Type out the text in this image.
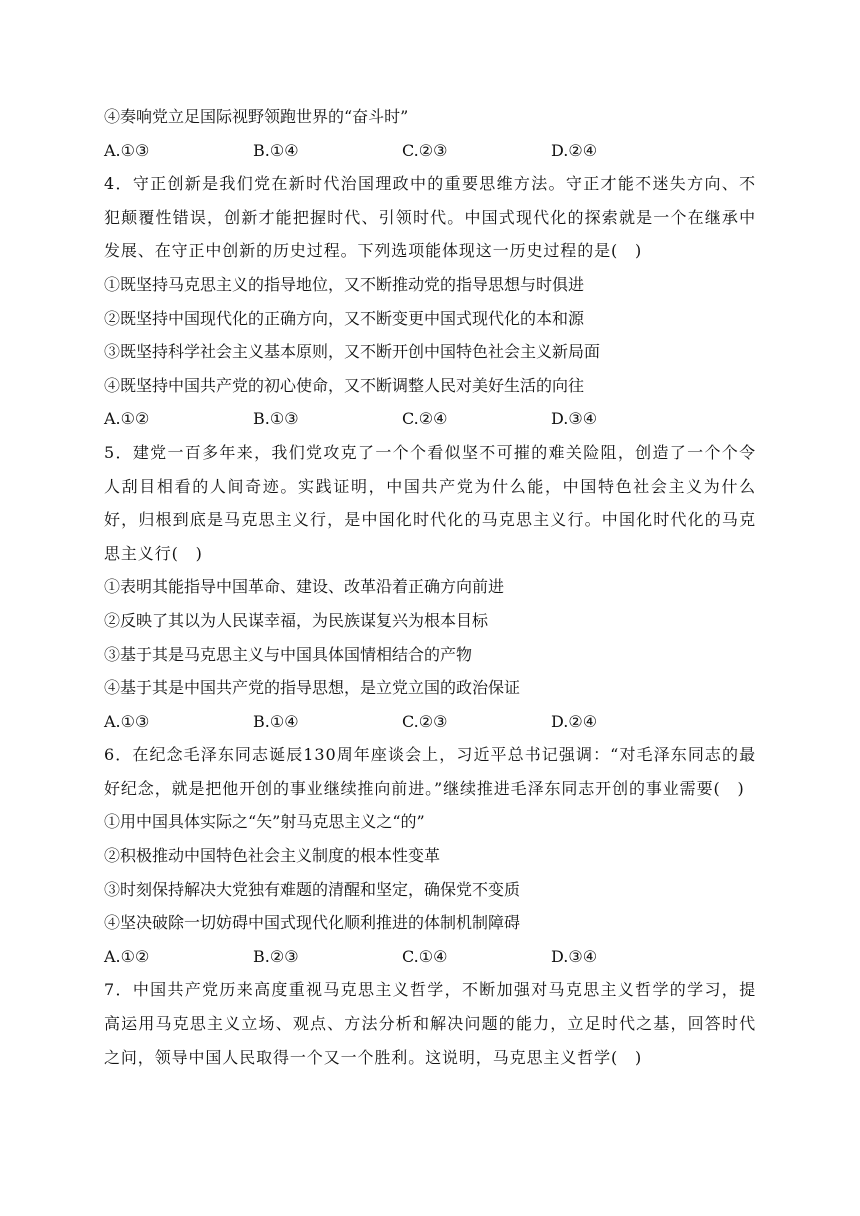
④奏响党立足国际视野领跑世界的“奋斗时”
A.①③	B.①④	C.②③	D.②④
4．守正创新是我们党在新时代治国理政中的重要思维方法。守正才能不迷失方向、不犯颠覆性错误，创新才能把握时代、引领时代。中国式现代化的探索就是一个在继承中发展、在守正中创新的历史过程。下列选项能体现这一历史过程的是(　)
①既坚持马克思主义的指导地位，又不断推动党的指导思想与时俱进
②既坚持中国现代化的正确方向，又不断变更中国式现代化的本和源
③既坚持科学社会主义基本原则，又不断开创中国特色社会主义新局面
④既坚持中国共产党的初心使命，又不断调整人民对美好生活的向往
A.①②	B.①③	C.②④	D.③④
5．建党一百多年来，我们党攻克了一个个看似坚不可摧的难关险阻，创造了一个个令人刮目相看的人间奇迹。实践证明，中国共产党为什么能，中国特色社会主义为什么好，归根到底是马克思主义行，是中国化时代化的马克思主义行。中国化时代化的马克思主义行(　)
①表明其能指导中国革命、建设、改革沿着正确方向前进
②反映了其以为人民谋幸福，为民族谋复兴为根本目标
③基于其是马克思主义与中国具体国情相结合的产物
④基于其是中国共产党的指导思想，是立党立国的政治保证
A.①③	B.①④	C.②③	D.②④
6．在纪念毛泽东同志诞辰130周年座谈会上，习近平总书记强调：“对毛泽东同志的最好纪念，就是把他开创的事业继续推向前进。”继续推进毛泽东同志开创的事业需要(　)
①用中国具体实际之“矢”射马克思主义之“的”
②积极推动中国特色社会主义制度的根本性变革
③时刻保持解决大党独有难题的清醒和坚定，确保党不变质
④坚决破除一切妨碍中国式现代化顺利推进的体制机制障碍
A.①②	B.②③	C.①④	D.③④
7．中国共产党历来高度重视马克思主义哲学，不断加强对马克思主义哲学的学习，提高运用马克思主义立场、观点、方法分析和解决问题的能力，立足时代之基，回答时代之问，领导中国人民取得一个又一个胜利。这说明，马克思主义哲学(　)
